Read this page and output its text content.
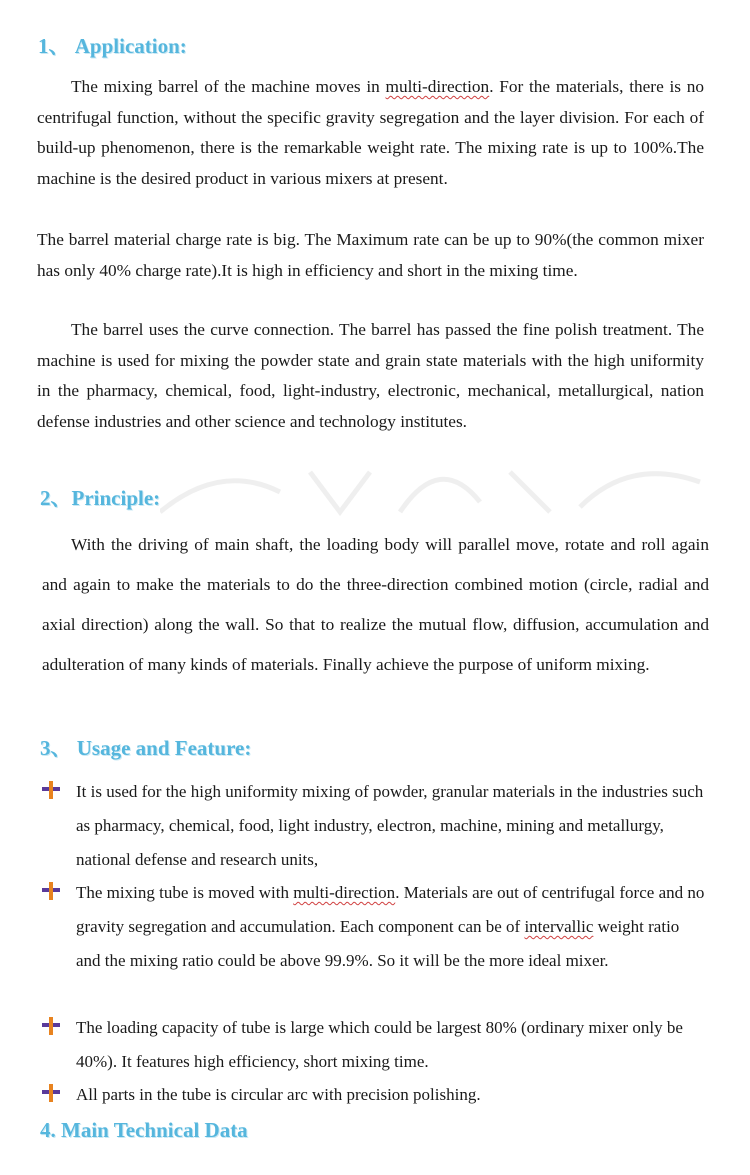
1、 Application:

The mixing barrel of the machine moves in multi-direction. For the materials, there is no centrifugal function, without the specific gravity segregation and the layer division. For each of build-up phenomenon, there is the remarkable weight rate. The mixing rate is up to 100%.The machine is the desired product in various mixers at present.

The barrel material charge rate is big. The Maximum rate can be up to 90%(the common mixer has only 40% charge rate).It is high in efficiency and short in the mixing time.

The barrel uses the curve connection. The barrel has passed the fine polish treatment. The machine is used for mixing the powder state and grain state materials with the high uniformity in the pharmacy, chemical, food, light-industry, electronic, mechanical, metallurgical, nation defense industries and other science and technology institutes.

2、Principle:

With the driving of main shaft, the loading body will parallel move, rotate and roll again and again to make the materials to do the three-direction combined motion (circle, radial and axial direction) along the wall. So that to realize the mutual flow, diffusion, accumulation and adulteration of many kinds of materials. Finally achieve the purpose of uniform mixing.

3、 Usage and Feature:

It is used for the high uniformity mixing of powder, granular materials in the industries such as pharmacy, chemical, food, light industry, electron, machine, mining and metallurgy, national defense and research units,

The mixing tube is moved with multi-direction. Materials are out of centrifugal force and no gravity segregation and accumulation. Each component can be of intervallic weight ratio and the mixing ratio could be above 99.9%. So it will be the more ideal mixer.

The loading capacity of tube is large which could be largest 80% (ordinary mixer only be 40%). It features high efficiency, short mixing time.

All parts in the tube is circular arc with precision polishing.

4. Main Technical Data
